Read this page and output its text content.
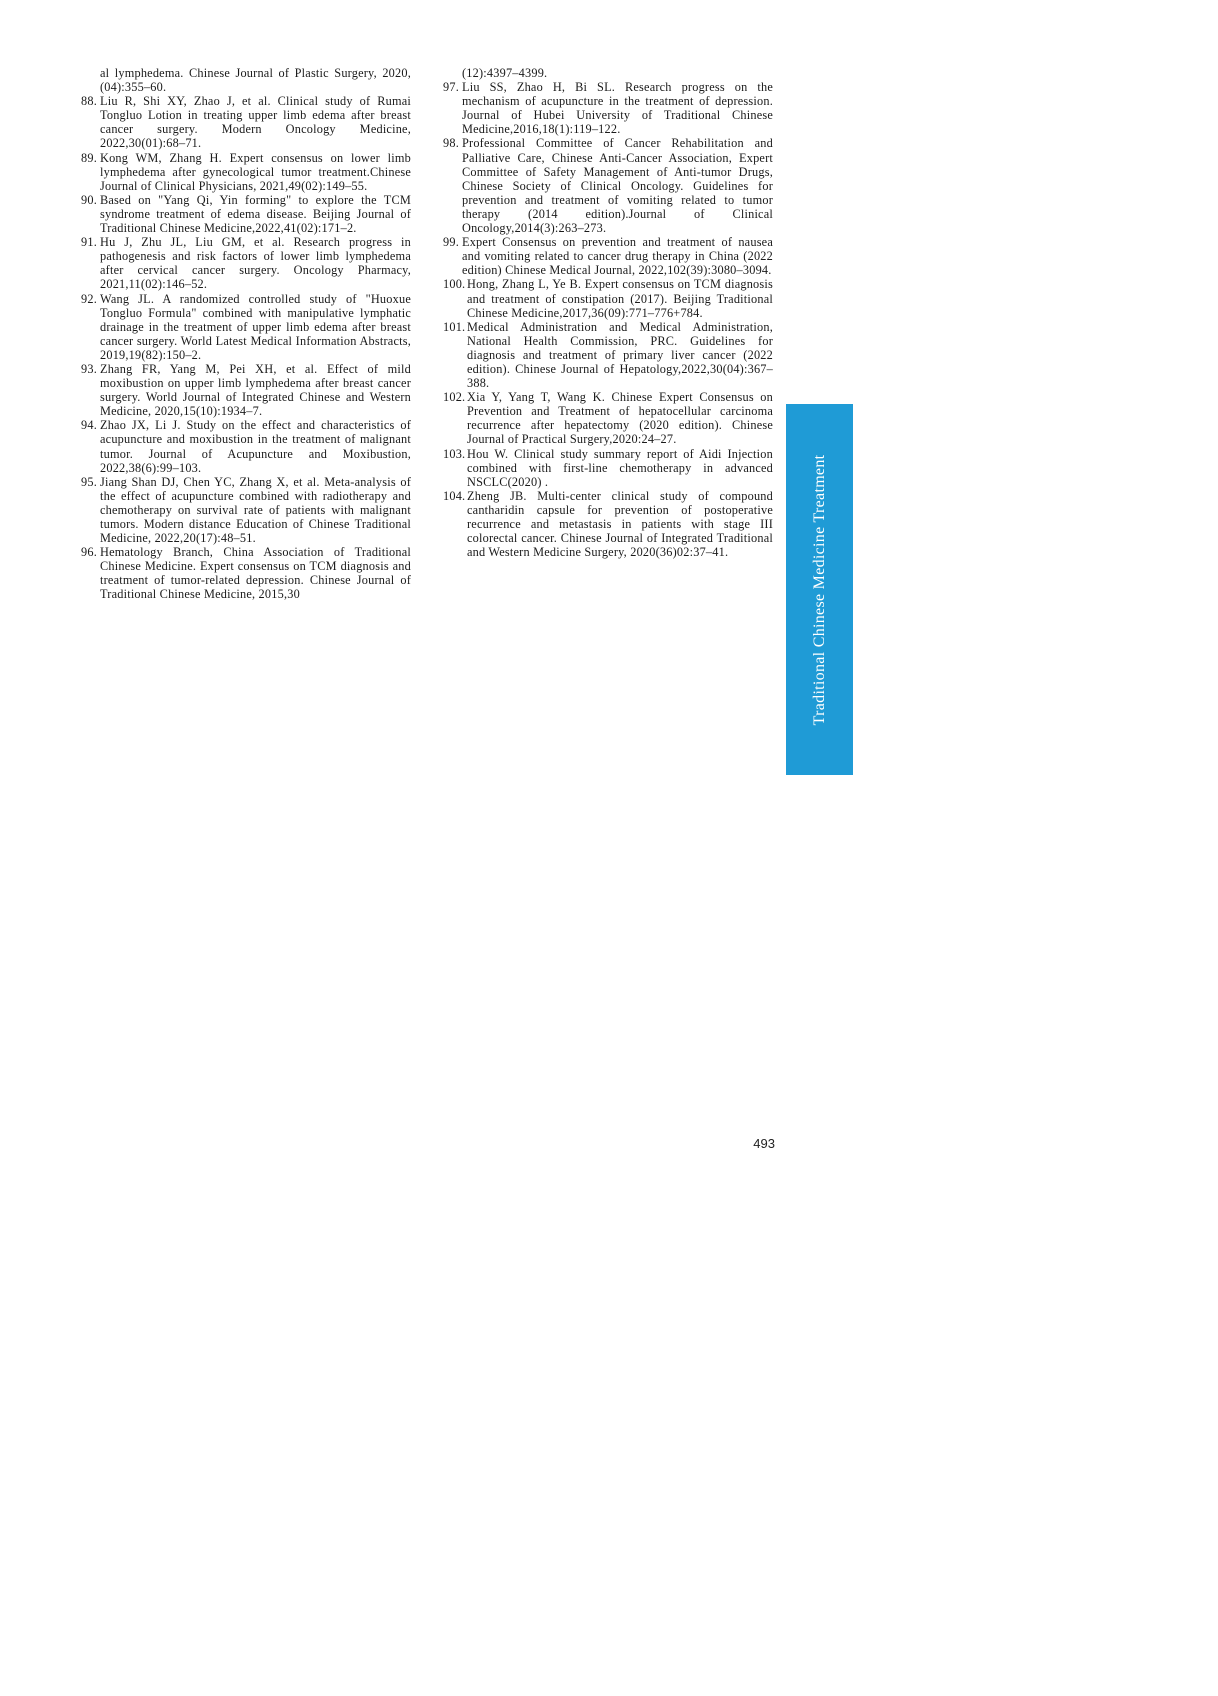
al lymphedema. Chinese Journal of Plastic Surgery, 2020,(04):355–60.

88. Liu R, Shi XY, Zhao J, et al. Clinical study of Rumai Tongluo Lotion in treating upper limb edema after breast cancer surgery. Modern Oncology Medicine, 2022,30(01):68–71.

89. Kong WM, Zhang H. Expert consensus on lower limb lymphedema after gynecological tumor treatment.Chinese Journal of Clinical Physicians, 2021,49(02):149–55.

90. Based on "Yang Qi, Yin forming" to explore the TCM syndrome treatment of edema disease. Beijing Journal of Traditional Chinese Medicine,2022,41(02):171–2.

91. Hu J, Zhu JL, Liu GM, et al. Research progress in pathogenesis and risk factors of lower limb lymphedema after cervical cancer surgery. Oncology Pharmacy, 2021,11(02):146–52.

92. Wang JL. A randomized controlled study of "Huoxue Tongluo Formula" combined with manipulative lymphatic drainage in the treatment of upper limb edema after breast cancer surgery. World Latest Medical Information Abstracts, 2019,19(82):150–2.

93. Zhang FR, Yang M, Pei XH, et al. Effect of mild moxibustion on upper limb lymphedema after breast cancer surgery. World Journal of Integrated Chinese and Western Medicine, 2020,15(10):1934–7.

94. Zhao JX, Li J. Study on the effect and characteristics of acupuncture and moxibustion in the treatment of malignant tumor. Journal of Acupuncture and Moxibustion, 2022,38(6):99–103.

95. Jiang Shan DJ, Chen YC, Zhang X, et al. Meta-analysis of the effect of acupuncture combined with radiotherapy and chemotherapy on survival rate of patients with malignant tumors. Modern distance Education of Chinese Traditional Medicine, 2022,20(17):48–51.

96. Hematology Branch, China Association of Traditional Chinese Medicine. Expert consensus on TCM diagnosis and treatment of tumor-related depression. Chinese Journal of Traditional Chinese Medicine, 2015,30

(12):4397–4399.

97. Liu SS, Zhao H, Bi SL. Research progress on the mechanism of acupuncture in the treatment of depression. Journal of Hubei University of Traditional Chinese Medicine,2016,18(1):119–122.

98. Professional Committee of Cancer Rehabilitation and Palliative Care, Chinese Anti-Cancer Association, Expert Committee of Safety Management of Anti-tumor Drugs, Chinese Society of Clinical Oncology. Guidelines for prevention and treatment of vomiting related to tumor therapy (2014 edition).Journal of Clinical Oncology,2014(3):263–273.

99. Expert Consensus on prevention and treatment of nausea and vomiting related to cancer drug therapy in China (2022 edition) Chinese Medical Journal, 2022,102(39):3080–3094.

100. Hong, Zhang L, Ye B. Expert consensus on TCM diagnosis and treatment of constipation (2017). Beijing Traditional Chinese Medicine,2017,36(09):771–776+784.

101. Medical Administration and Medical Administration, National Health Commission, PRC. Guidelines for diagnosis and treatment of primary liver cancer (2022 edition). Chinese Journal of Hepatology,2022,30(04):367–388.

102. Xia Y, Yang T, Wang K. Chinese Expert Consensus on Prevention and Treatment of hepatocellular carcinoma recurrence after hepatectomy (2020 edition). Chinese Journal of Practical Surgery,2020:24–27.

103. Hou W. Clinical study summary report of Aidi Injection combined with first-line chemotherapy in advanced NSCLC(2020) .

104. Zheng JB. Multi-center clinical study of compound cantharidin capsule for prevention of postoperative recurrence and metastasis in patients with stage III colorectal cancer. Chinese Journal of Integrated Traditional and Western Medicine Surgery, 2020(36)02:37–41.	Traditional Chinese Medicine Treatment
493
